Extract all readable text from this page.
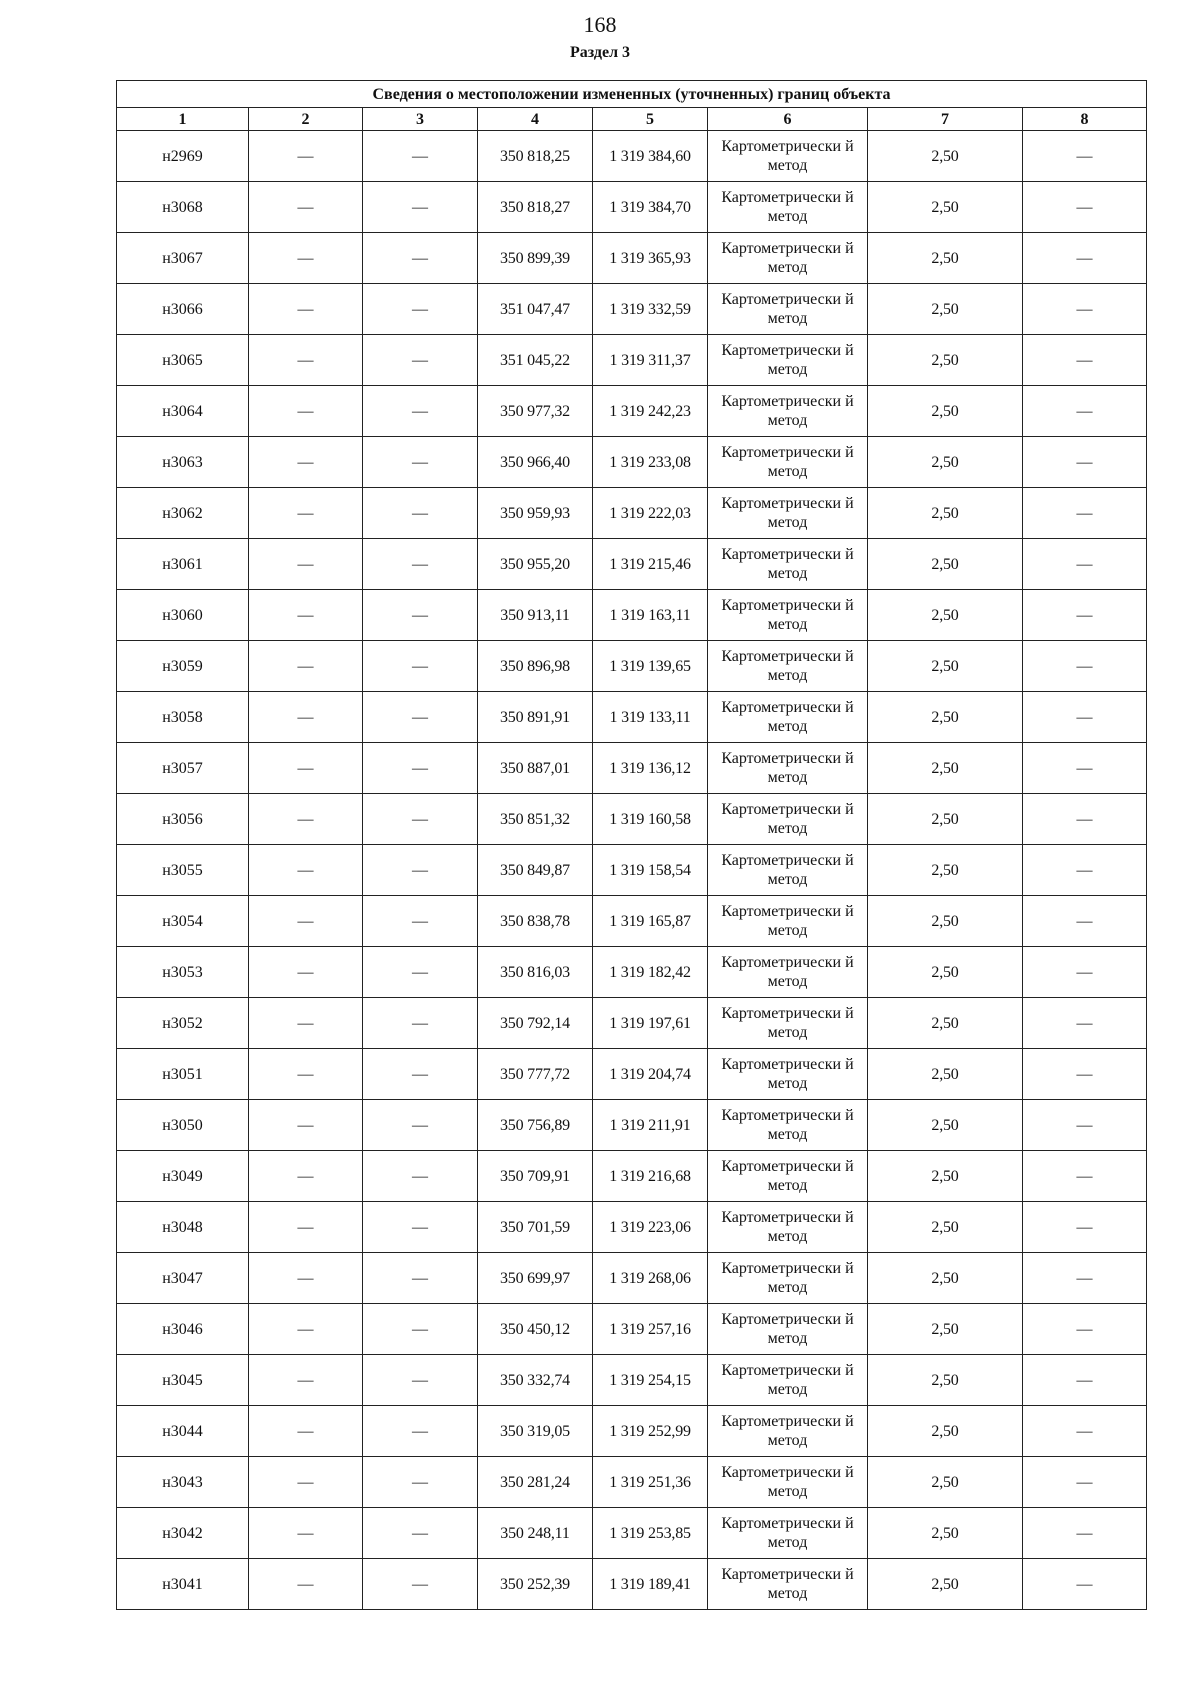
168
Раздел 3
Сведения о местоположении измененных (уточненных) границ объекта							
1	2	3	4	5	6	7	8
н2969	—	—	350 818,25	1 319 384,60	Картометрически й метод	2,50	—
н3068	—	—	350 818,27	1 319 384,70	Картометрически й метод	2,50	—
н3067	—	—	350 899,39	1 319 365,93	Картометрически й метод	2,50	—
н3066	—	—	351 047,47	1 319 332,59	Картометрически й метод	2,50	—
н3065	—	—	351 045,22	1 319 311,37	Картометрически й метод	2,50	—
н3064	—	—	350 977,32	1 319 242,23	Картометрически й метод	2,50	—
н3063	—	—	350 966,40	1 319 233,08	Картометрически й метод	2,50	—
н3062	—	—	350 959,93	1 319 222,03	Картометрически й метод	2,50	—
н3061	—	—	350 955,20	1 319 215,46	Картометрически й метод	2,50	—
н3060	—	—	350 913,11	1 319 163,11	Картометрически й метод	2,50	—
н3059	—	—	350 896,98	1 319 139,65	Картометрически й метод	2,50	—
н3058	—	—	350 891,91	1 319 133,11	Картометрически й метод	2,50	—
н3057	—	—	350 887,01	1 319 136,12	Картометрически й метод	2,50	—
н3056	—	—	350 851,32	1 319 160,58	Картометрически й метод	2,50	—
н3055	—	—	350 849,87	1 319 158,54	Картометрически й метод	2,50	—
н3054	—	—	350 838,78	1 319 165,87	Картометрически й метод	2,50	—
н3053	—	—	350 816,03	1 319 182,42	Картометрически й метод	2,50	—
н3052	—	—	350 792,14	1 319 197,61	Картометрически й метод	2,50	—
н3051	—	—	350 777,72	1 319 204,74	Картометрически й метод	2,50	—
н3050	—	—	350 756,89	1 319 211,91	Картометрически й метод	2,50	—
н3049	—	—	350 709,91	1 319 216,68	Картометрически й метод	2,50	—
н3048	—	—	350 701,59	1 319 223,06	Картометрически й метод	2,50	—
н3047	—	—	350 699,97	1 319 268,06	Картометрически й метод	2,50	—
н3046	—	—	350 450,12	1 319 257,16	Картометрически й метод	2,50	—
н3045	—	—	350 332,74	1 319 254,15	Картометрически й метод	2,50	—
н3044	—	—	350 319,05	1 319 252,99	Картометрически й метод	2,50	—
н3043	—	—	350 281,24	1 319 251,36	Картометрически й метод	2,50	—
н3042	—	—	350 248,11	1 319 253,85	Картометрически й метод	2,50	—
н3041	—	—	350 252,39	1 319 189,41	Картометрически й метод	2,50	—
